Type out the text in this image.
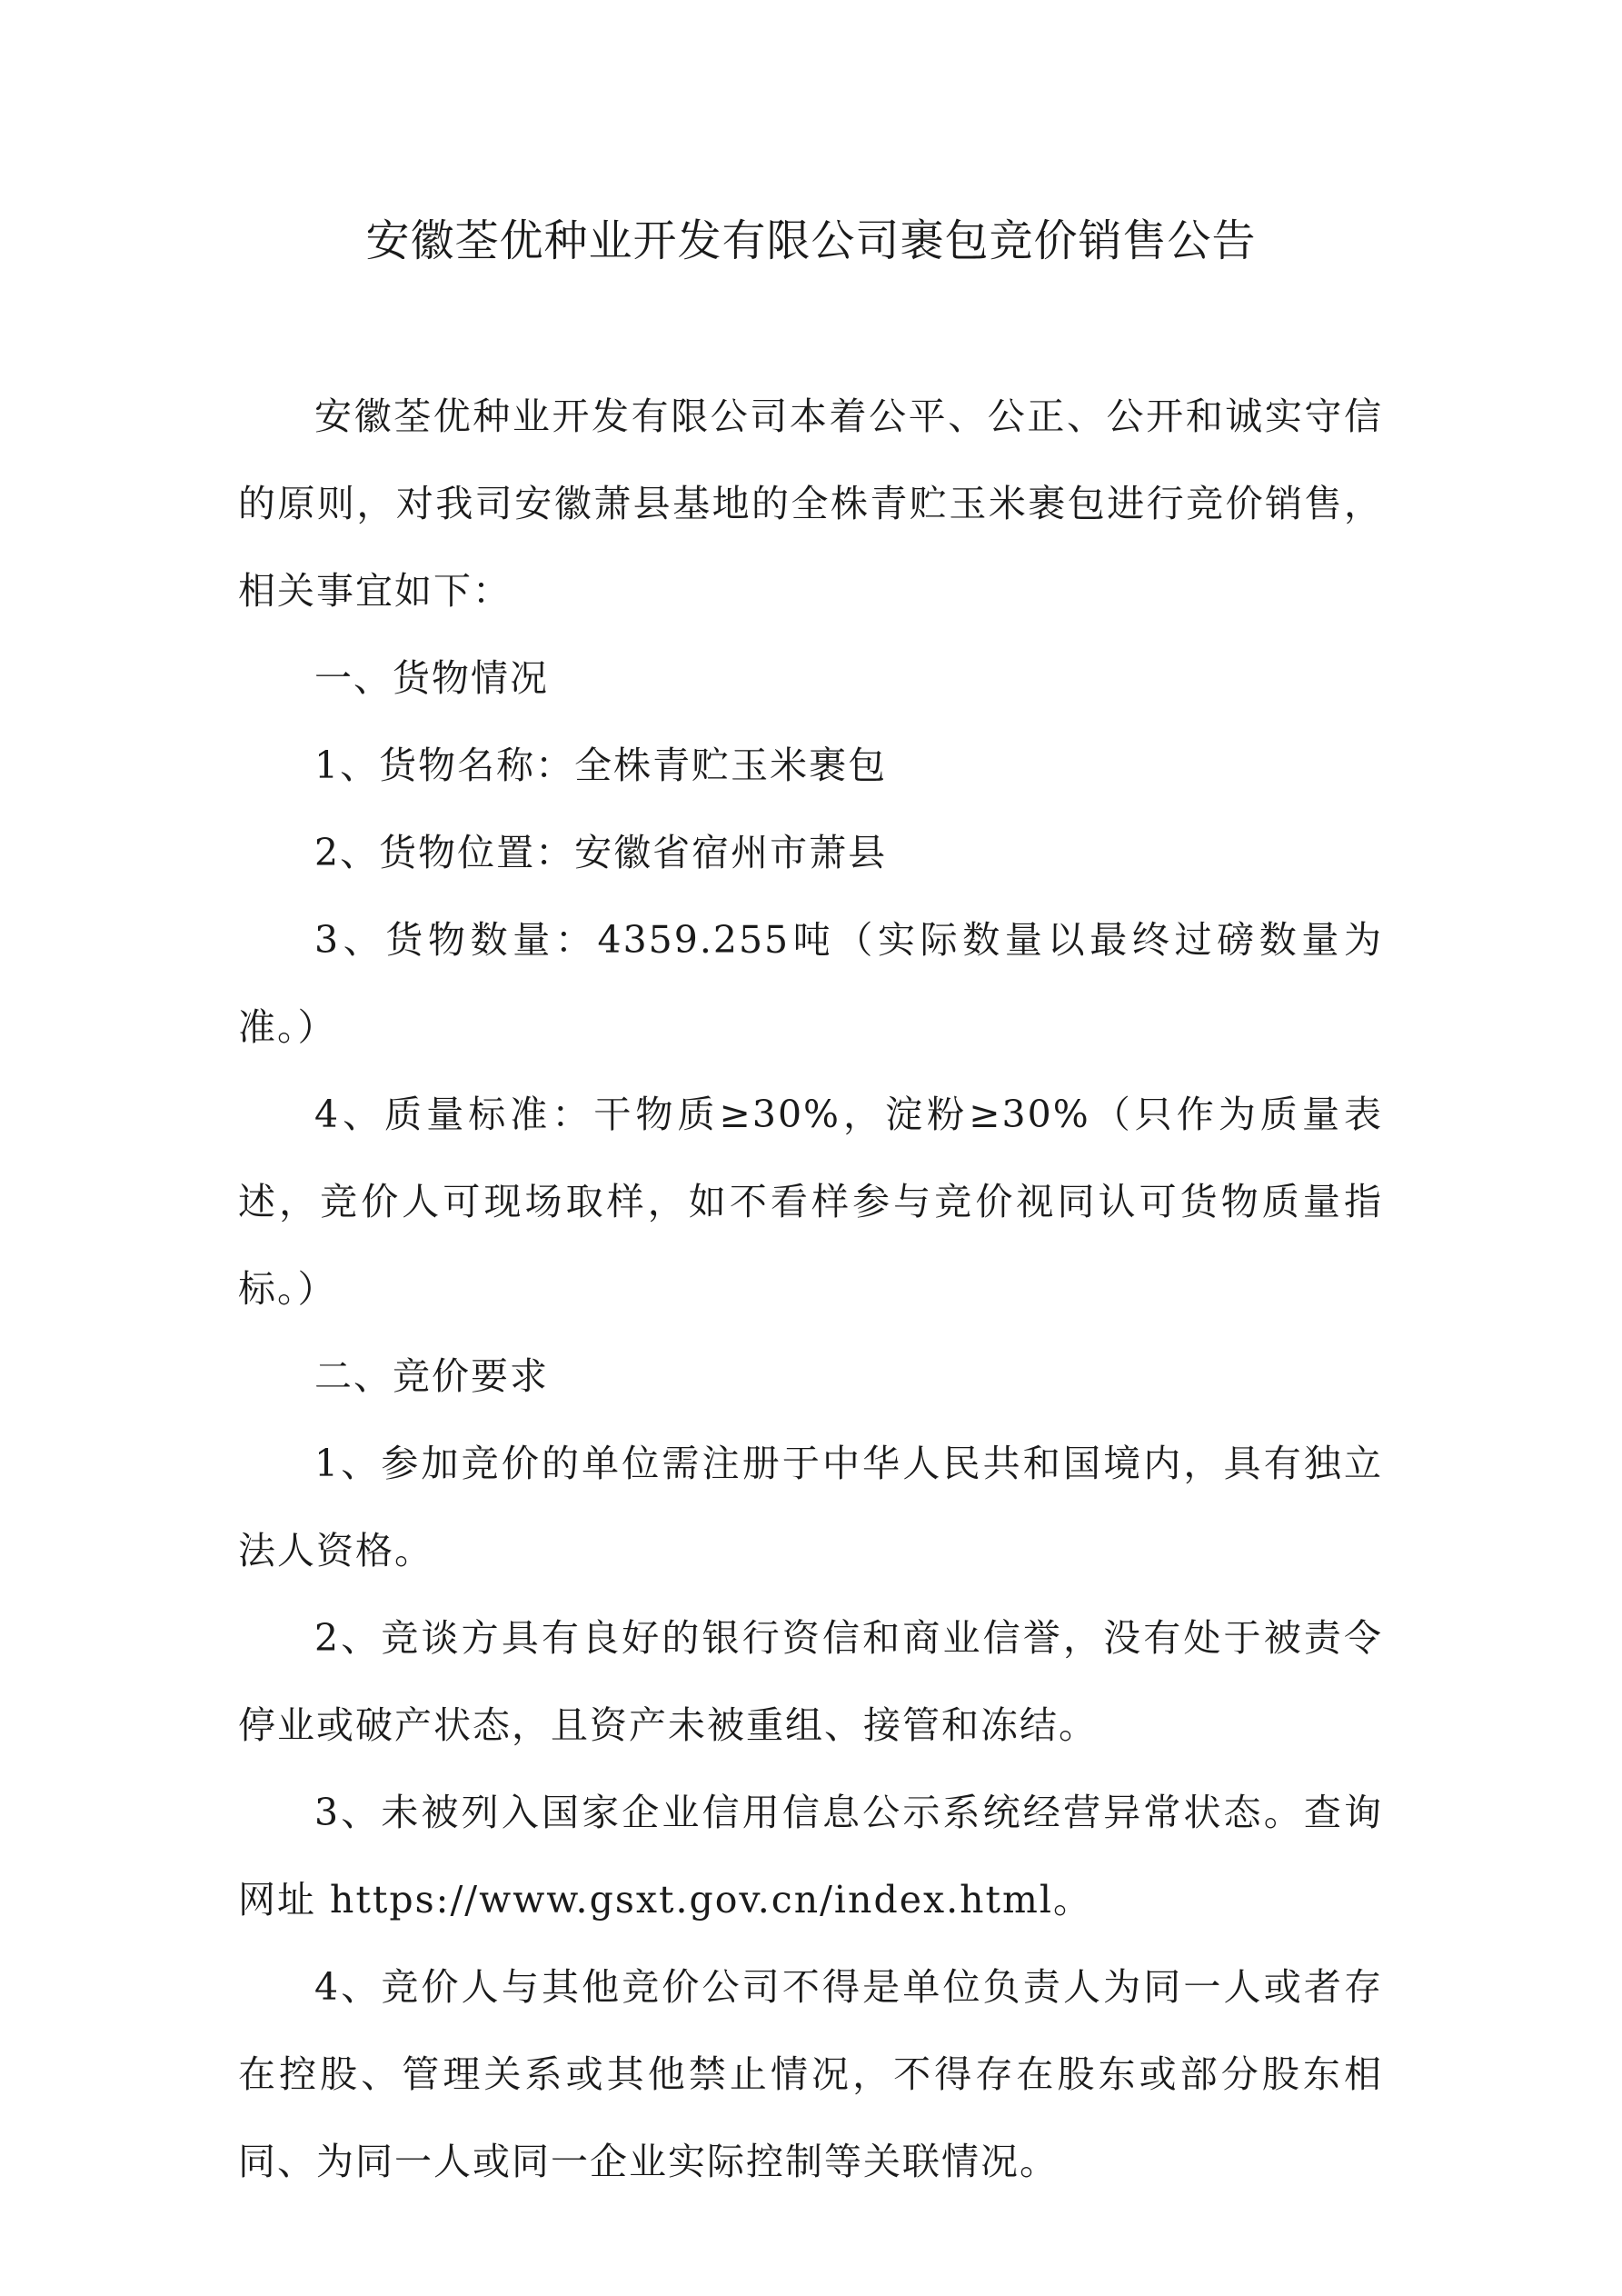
安徽荃优种业开发有限公司裹包竞价销售公告

安徽荃优种业开发有限公司本着公平、公正、公开和诚实守信的原则，对我司安徽萧县基地的全株青贮玉米裹包进行竞价销售，相关事宜如下：

一、货物情况

1、货物名称：全株青贮玉米裹包

2、货物位置：安徽省宿州市萧县

3、货物数量：4359.255吨（实际数量以最终过磅数量为准。）

4、质量标准：干物质≥30%，淀粉≥30%（只作为质量表述，竞价人可现场取样，如不看样参与竞价视同认可货物质量指标。）

二、竞价要求

1、参加竞价的单位需注册于中华人民共和国境内，具有独立法人资格。

2、竞谈方具有良好的银行资信和商业信誉，没有处于被责令停业或破产状态，且资产未被重组、接管和冻结。

3、未被列入国家企业信用信息公示系统经营异常状态。查询网址 https://www.gsxt.gov.cn/index.html。

4、竞价人与其他竞价公司不得是单位负责人为同一人或者存在控股、管理关系或其他禁止情况，不得存在股东或部分股东相同、为同一人或同一企业实际控制等关联情况。
